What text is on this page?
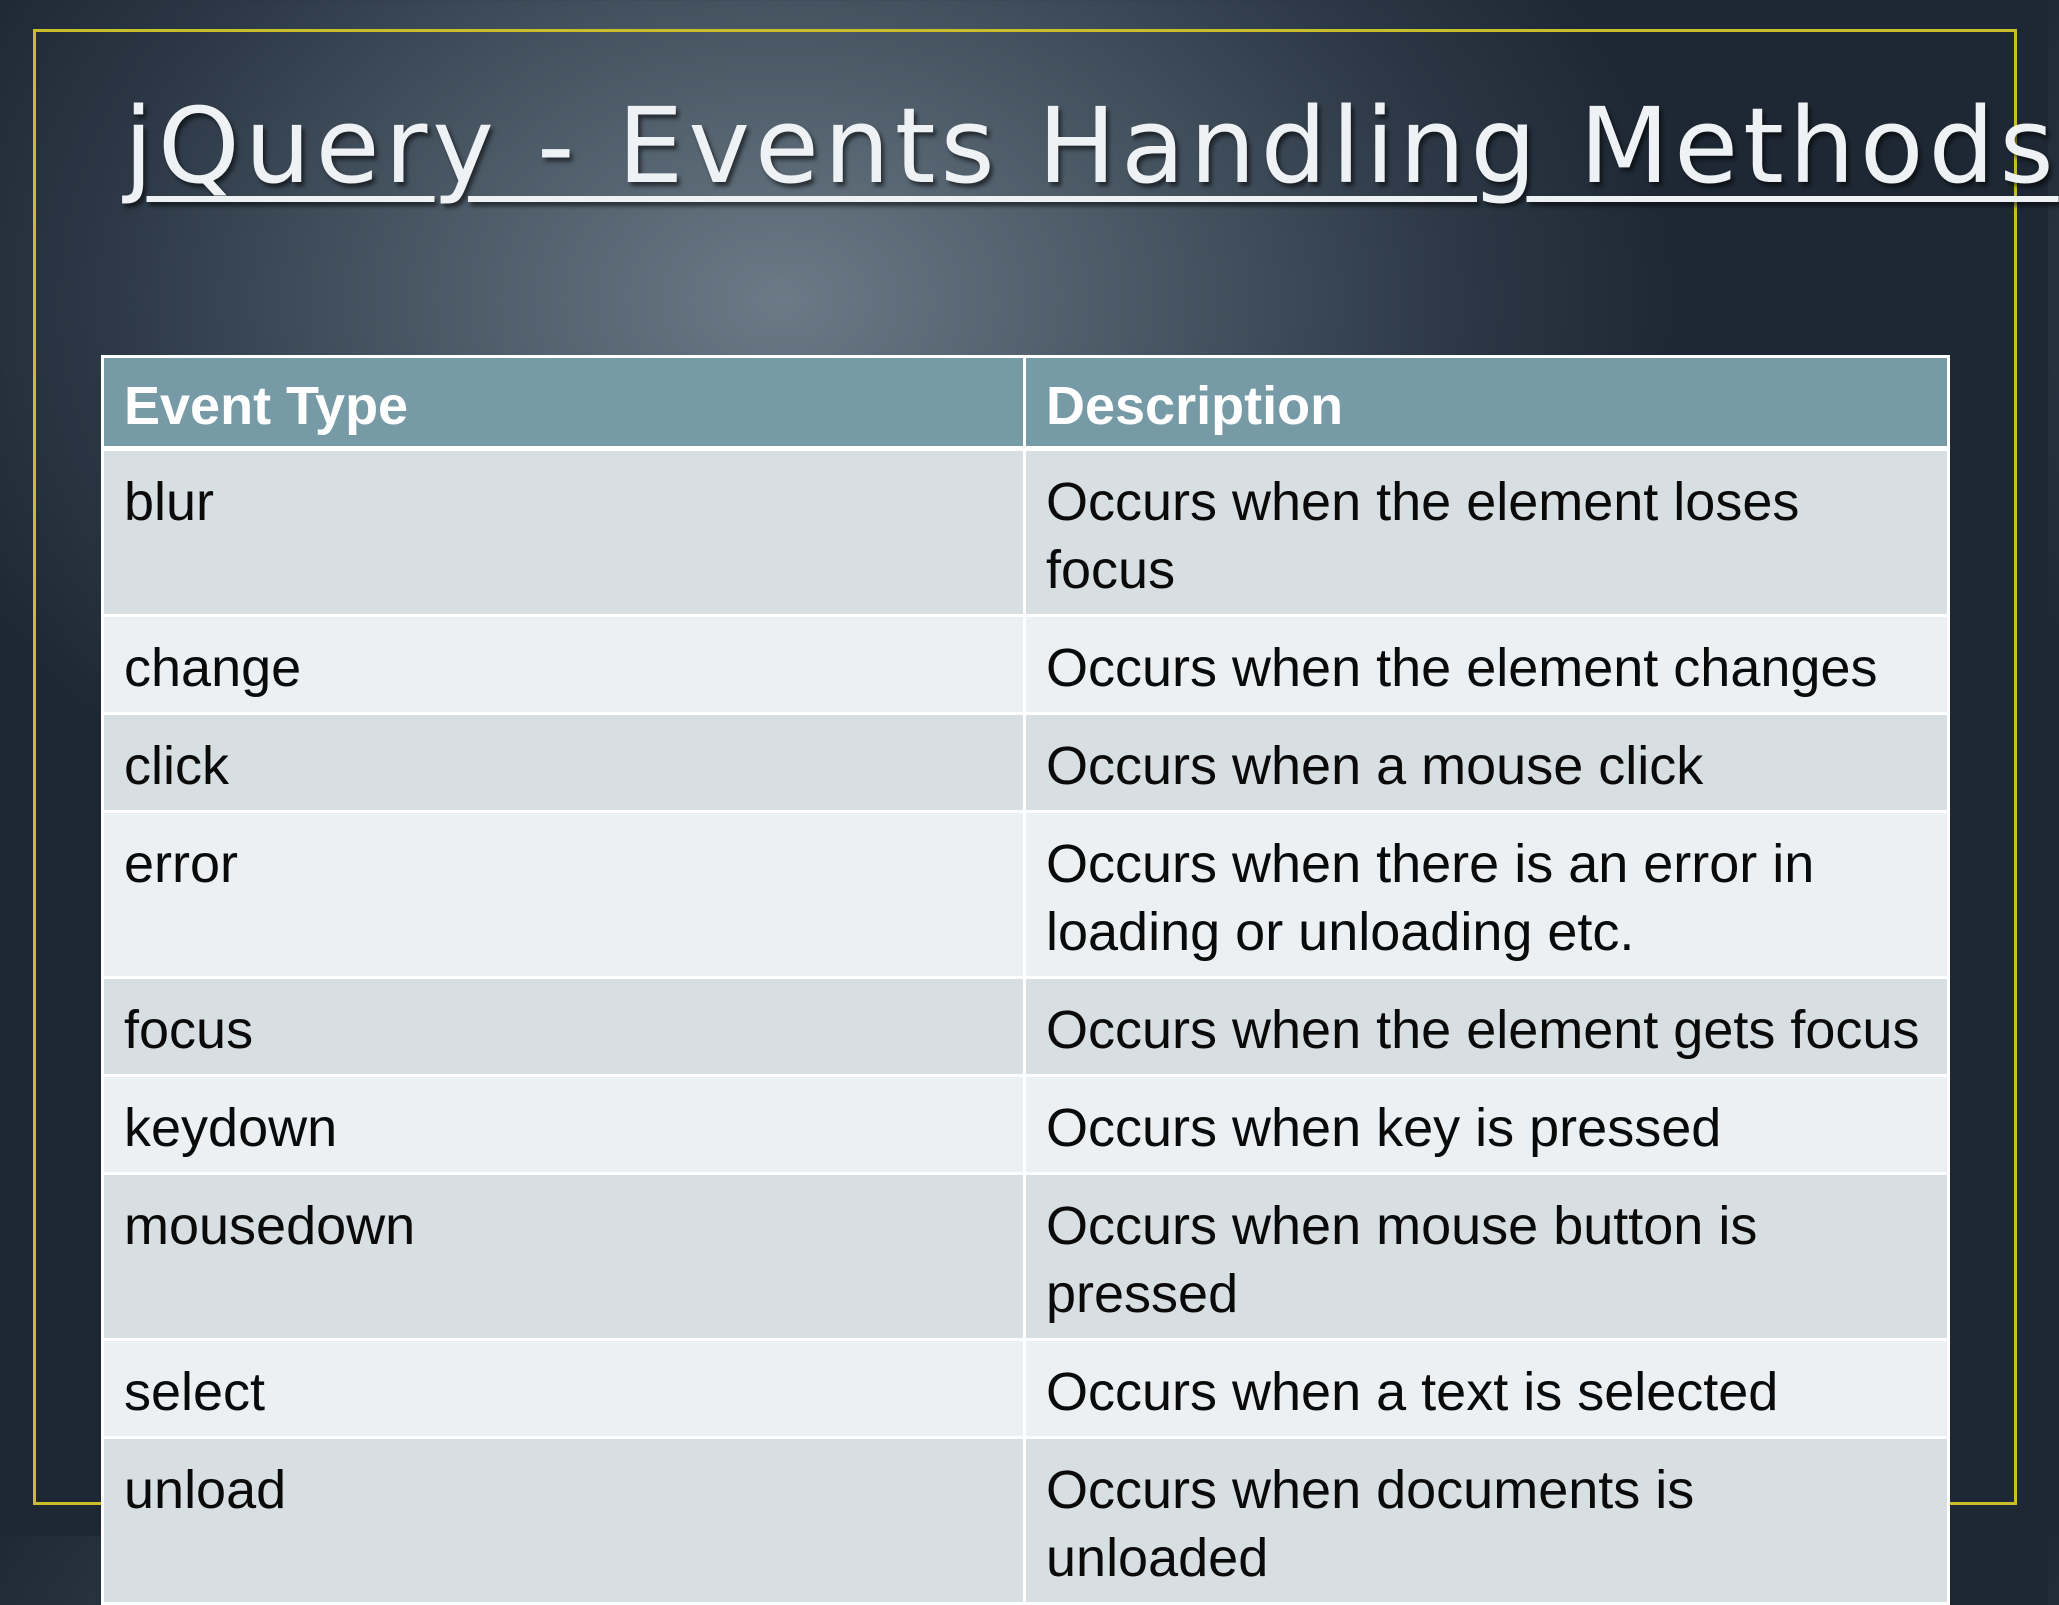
jQuery - Events Handling Methods
Event Type	Description
blur	Occurs when the element loses focus
change	Occurs when the element changes
click	Occurs when a mouse click
error	Occurs when there is an error in loading or unloading etc.
focus	Occurs when the element gets focus
keydown	Occurs when key is pressed
mousedown	Occurs when mouse button is pressed
select	Occurs when a text is selected
unload	Occurs when documents is unloaded
